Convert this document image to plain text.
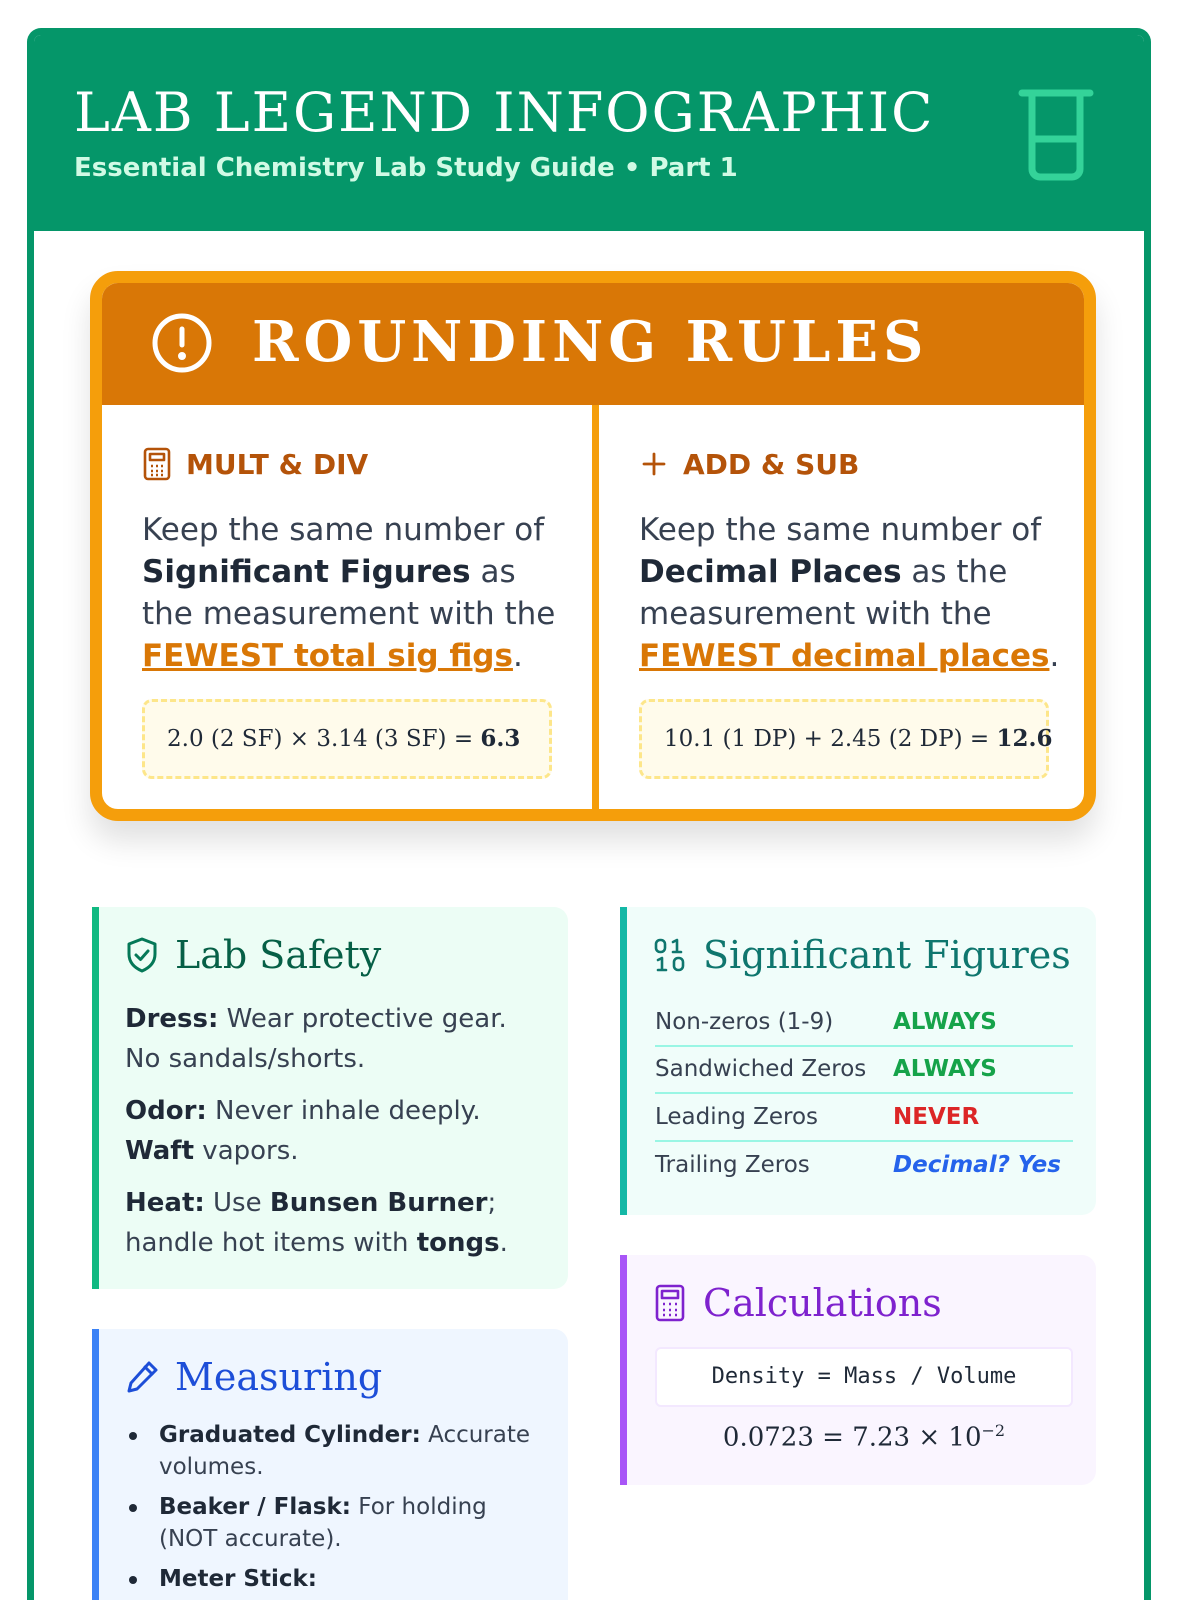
LAB LEGEND INFOGRAPHIC
Essential Chemistry Lab Study Guide • Part 1
ROUNDING RULES
MULT & DIV
Keep the same number of Significant Figures as the measurement with the FEWEST total sig figs.
2.0 (2 SF) × 3.14 (3 SF) = 6.3
ADD & SUB
Keep the same number of Decimal Places as the measurement with the FEWEST decimal places.
10.1 (1 DP) + 2.45 (2 DP) = 12.6
Lab Safety
Dress: Wear protective gear. No sandals/shorts.
Odor: Never inhale deeply. Waft vapors.
Heat: Use Bunsen Burner; handle hot items with tongs.
Significant Figures
Non-zeros (1-9)	ALWAYS
Sandwiched Zeros	ALWAYS
Leading Zeros	NEVER
Trailing Zeros	Decimal? Yes
Calculations
Density = Mass / Volume
$0.0723 = 7.23 \times 10^{-2}$
Measuring
Graduated Cylinder: Accurate volumes.
Beaker / Flask: For holding (NOT accurate).
Meter Stick:
